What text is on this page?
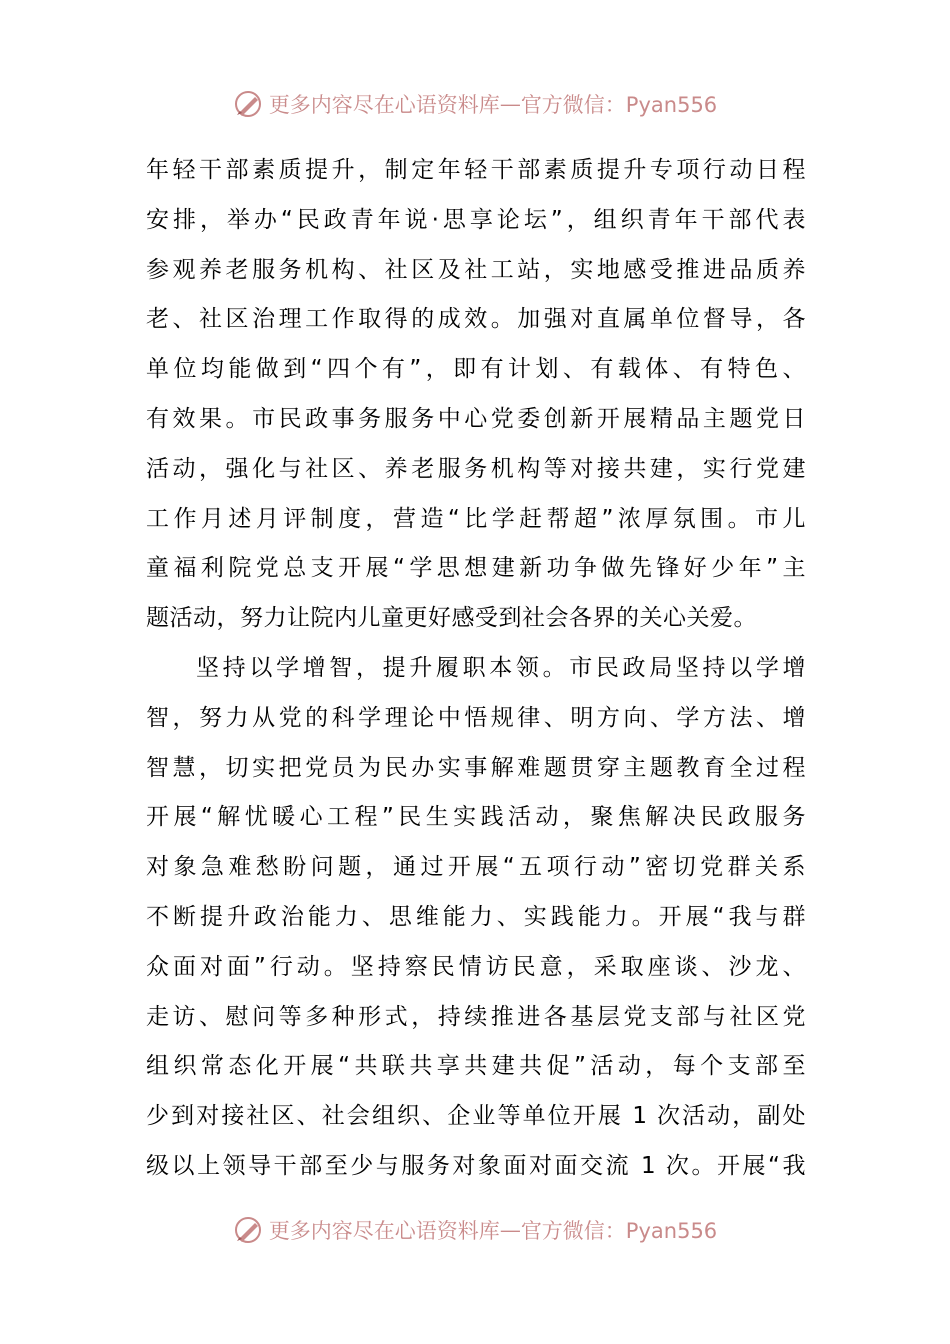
更多内容尽在心语资料库 — 官方微信：Pyan556
年轻干部素质提升，制定年轻干部素质提升专项行动日程
安排，举办“民政青年说·思享论坛”，组织青年干部代表
参观养老服务机构、社区及社工站，实地感受推进品质养
老、社区治理工作取得的成效。加强对直属单位督导，各
单位均能做到“四个有”，即有计划、有载体、有特色、
有效果。市民政事务服务中心党委创新开展精品主题党日
活动，强化与社区、养老服务机构等对接共建，实行党建
工作月述月评制度，营造“比学赶帮超”浓厚氛围。市儿
童福利院党总支开展“学思想建新功争做先锋好少年”主
题活动，努力让院内儿童更好感受到社会各界的关心关爱。
坚持以学增智，提升履职本领。市民政局坚持以学增
智，努力从党的科学理论中悟规律、明方向、学方法、增
智慧，切实把党员为民办实事解难题贯穿主题教育全过程
开展“解忧暖心工程”民生实践活动，聚焦解决民政服务
对象急难愁盼问题，通过开展“五项行动”密切党群关系
不断提升政治能力、思维能力、实践能力。开展“我与群
众面对面”行动。坚持察民情访民意，采取座谈、沙龙、
走访、慰问等多种形式，持续推进各基层党支部与社区党
组织常态化开展“共联共享共建共促”活动，每个支部至
少到对接社区、社会组织、企业等单位开展 1 次活动，副处
级以上领导干部至少与服务对象面对面交流 1 次。开展“我
更多内容尽在心语资料库 — 官方微信：Pyan556
